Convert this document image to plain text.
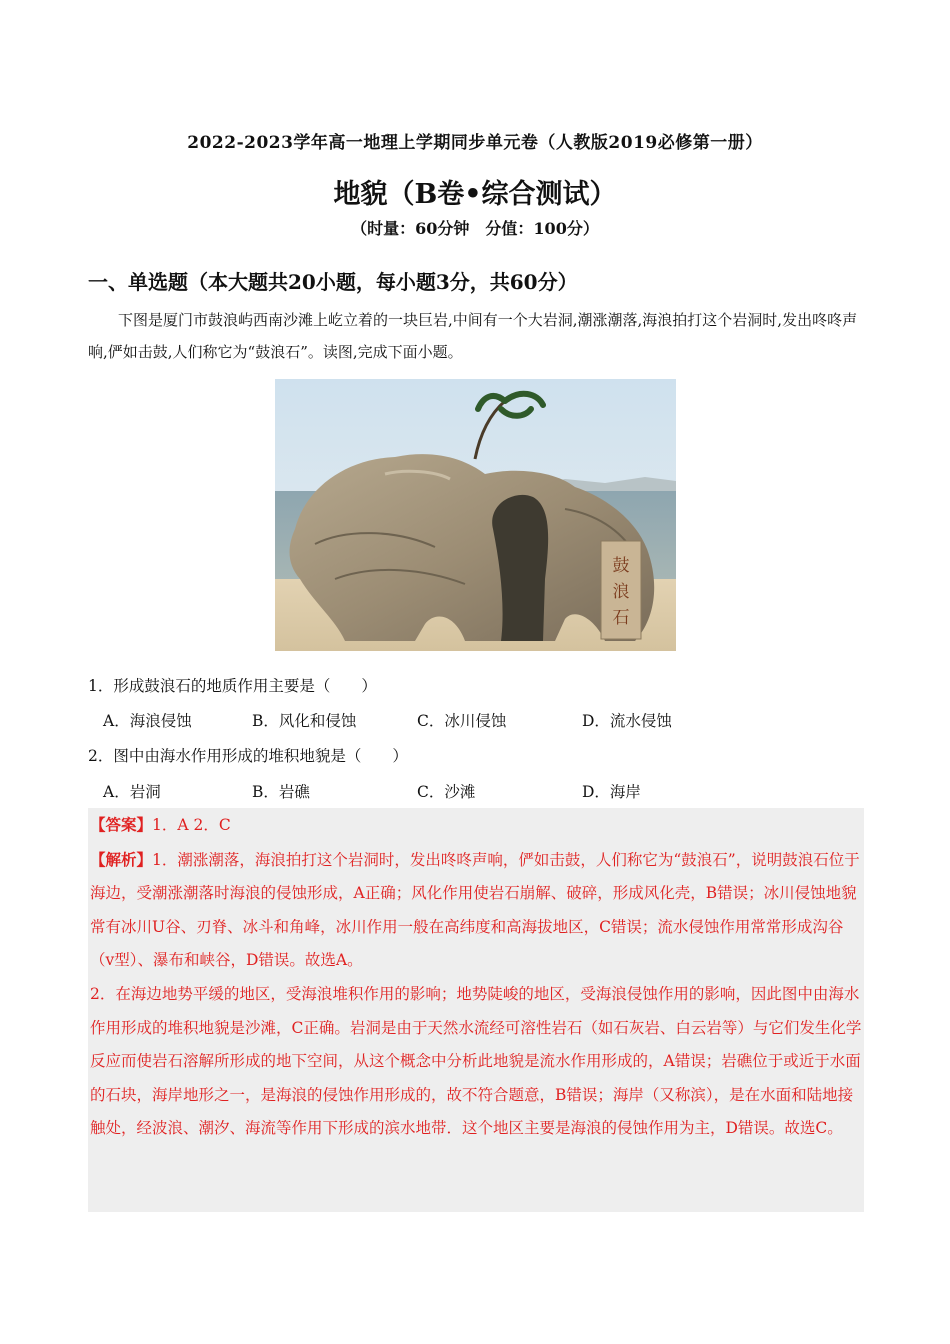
2022-2023学年高一地理上学期同步单元卷（人教版2019必修第一册）
地貌（B卷•综合测试）
（时量：60分钟　分值：100分）
一、单选题（本大题共20小题，每小题3分，共60分）
下图是厦门市鼓浪屿西南沙滩上屹立着的一块巨岩,中间有一个大岩洞,潮涨潮落,海浪拍打这个岩洞时,发出咚咚声响,俨如击鼓,人们称它为“鼓浪石”。读图,完成下面小题。
鼓
浪
石
1．形成鼓浪石的地质作用主要是（　　）
A．海浪侵蚀	B．风化和侵蚀	C．冰川侵蚀	D．流水侵蚀
2．图中由海水作用形成的堆积地貌是（　　）
A．岩洞	B．岩礁	C．沙滩	D．海岸

【答案】1．A 2．C

【解析】1．潮涨潮落，海浪拍打这个岩洞时，发出咚咚声响，俨如击鼓，人们称它为“鼓浪石”，说明鼓浪石位于海边，受潮涨潮落时海浪的侵蚀形成，A正确；风化作用使岩石崩解、破碎，形成风化壳，B错误；冰川侵蚀地貌常有冰川U谷、刃脊、冰斗和角峰，冰川作用一般在高纬度和高海拔地区，C错误；流水侵蚀作用常常形成沟谷（v型）、瀑布和峡谷，D错误。故选A。

2．在海边地势平缓的地区，受海浪堆积作用的影响；地势陡峻的地区，受海浪侵蚀作用的影响，因此图中由海水作用形成的堆积地貌是沙滩，C正确。岩洞是由于天然水流经可溶性岩石（如石灰岩、白云岩等）与它们发生化学反应而使岩石溶解所形成的地下空间，从这个概念中分析此地貌是流水作用形成的，A错误；岩礁位于或近于水面的石块，海岸地形之一，是海浪的侵蚀作用形成的，故不符合题意，B错误；海岸（又称滨），是在水面和陆地接触处，经波浪、潮汐、海流等作用下形成的滨水地带．这个地区主要是海浪的侵蚀作用为主，D错误。故选C。
